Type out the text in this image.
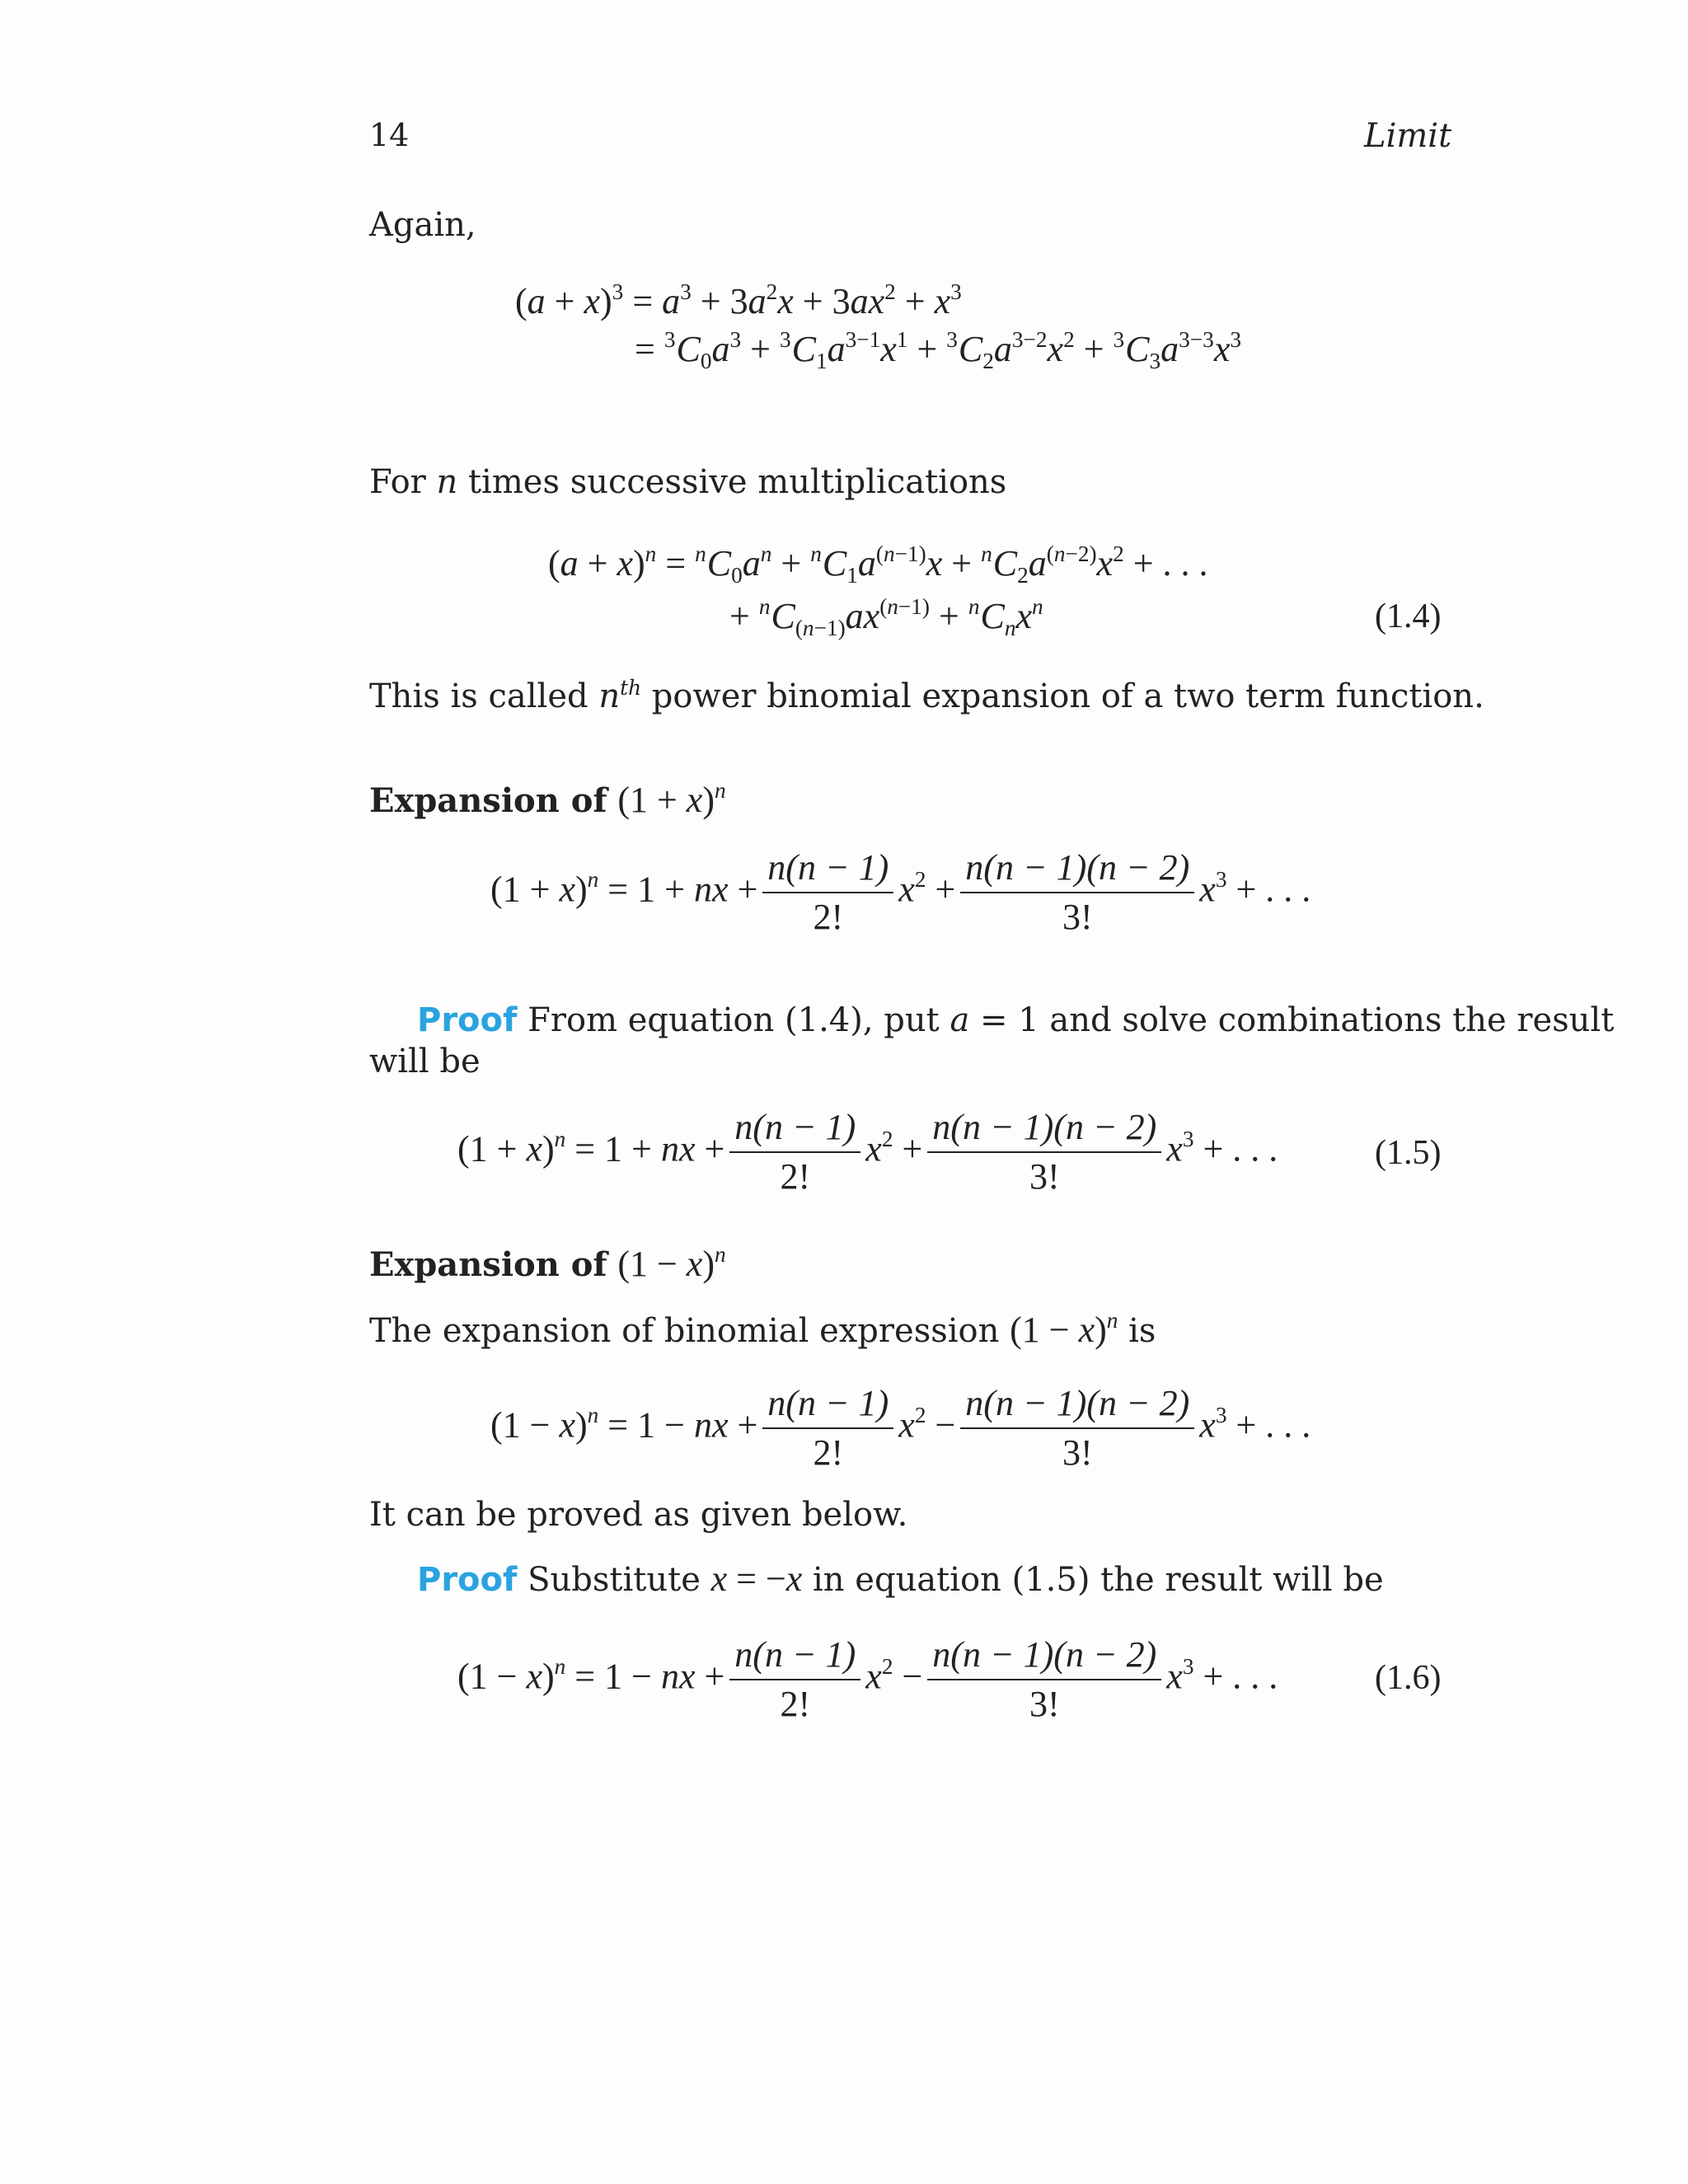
14	Limit
Again,
$(a + x)^3 = a^3 + 3a^2x + 3ax^2 + x^3$
= $^3C_0a^3 + ^3C_1a^{3-1}x^1 + ^3C_2a^{3-2}x^2 + ^3C_3a^{3-3}x^3$
For n times successive multiplications
$(a + x)^n = ^nC_0a^n + ^nC_1a^{(n-1)}x + ^nC_2a^{(n-2)}x^2$ + . . .
+ $^nC_{(n-1)}ax^{(n-1)} + ^nC_nx^n$	(1.4)
This is called $n^{th}$ power binomial expansion of a two term function.
Expansion of $(1 + x)^n$
$(1 + x)^n = 1$ + nx + $\frac{n(n - 1)}{2!} x^2 + \frac{n(n - 1)(n - 2)}{3!} x^3$ + . . .
Proof From equation (1.4), put a = 1 and solve combinations the result
will be
$(1 + x)^n = 1$ + nx + $\frac{n(n - 1)}{2!} x^2 + \frac{n(n - 1)(n - 2)}{3!} x^3$ + . . .	(1.5)
Expansion of $(1 - x)^n$
The expansion of binomial expression $(1 - x)^n$ is
$(1 - x)^n = 1$ − nx + $\frac{n(n - 1)}{2!} x^2 - \frac{n(n - 1)(n - 2)}{3!} x^3$ + . . .
It can be proved as given below.
Proof Substitute x = −x in equation (1.5) the result will be
$(1 - x)^n = 1$ − nx + $\frac{n(n - 1)}{2!} x^2 - \frac{n(n - 1)(n - 2)}{3!} x^3$ + . . .	(1.6)
